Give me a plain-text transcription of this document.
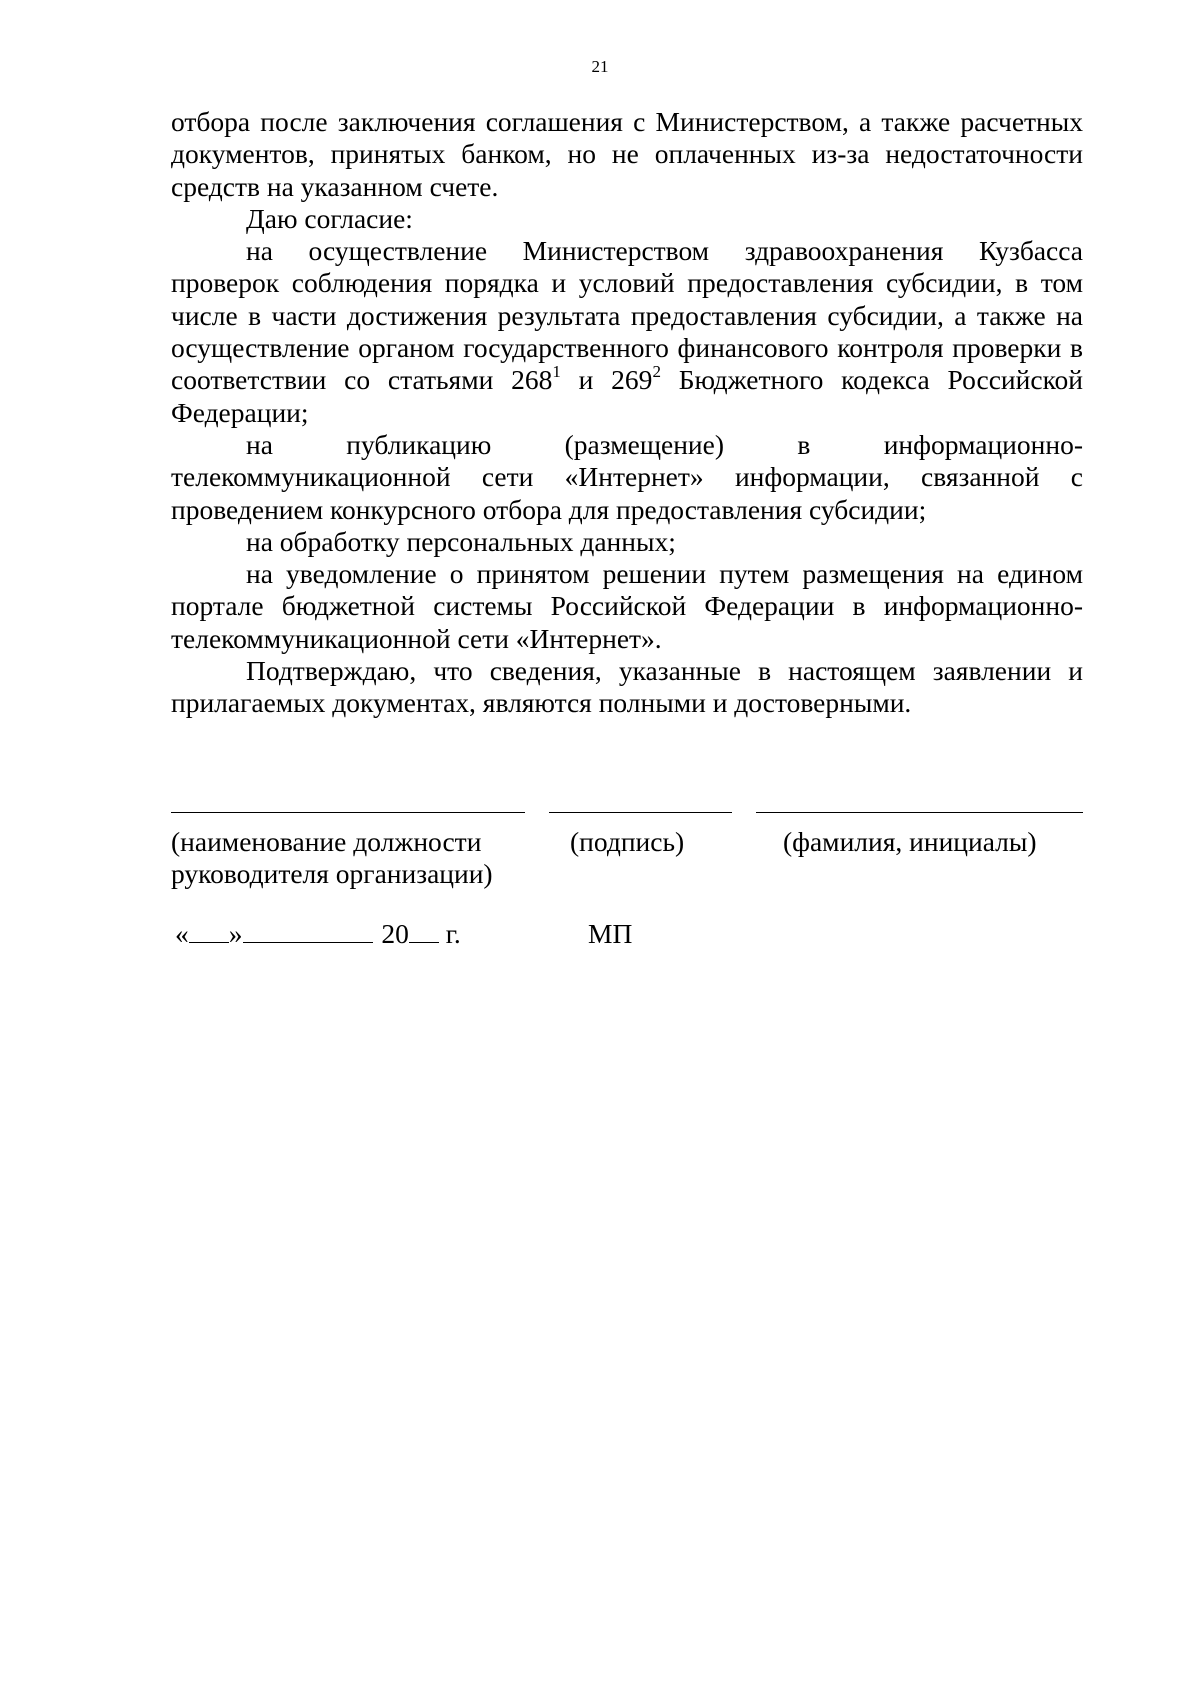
21

отбора после заключения соглашения с Министерством, а также расчетных документов, принятых банком, но не оплаченных из-за недостаточности средств на указанном счете.

Даю согласие:

на осуществление Министерством здравоохранения Кузбасса проверок соблюдения порядка и условий предоставления субсидии, в том числе в части достижения результата предоставления субсидии, а также на осуществление органом государственного финансового контроля проверки в соответствии со статьями $268^1$ и $269^2$ Бюджетного кодекса Российской Федерации;

на публикацию (размещение) в информационно-телекоммуникационной сети «Интернет» информации, связанной с проведением конкурсного отбора для предоставления субсидии;

на обработку персональных данных;

на уведомление о принятом решении путем размещения на едином портале бюджетной системы Российской Федерации в информационно-телекоммуникационной сети «Интернет».

Подтверждаю, что сведения, указанные в настоящем заявлении и прилагаемых документах, являются полными и достоверными.

(наименование должности
руководителя организации)
(подпись)	(фамилия, инициалы)
« »	20 г.	МП
